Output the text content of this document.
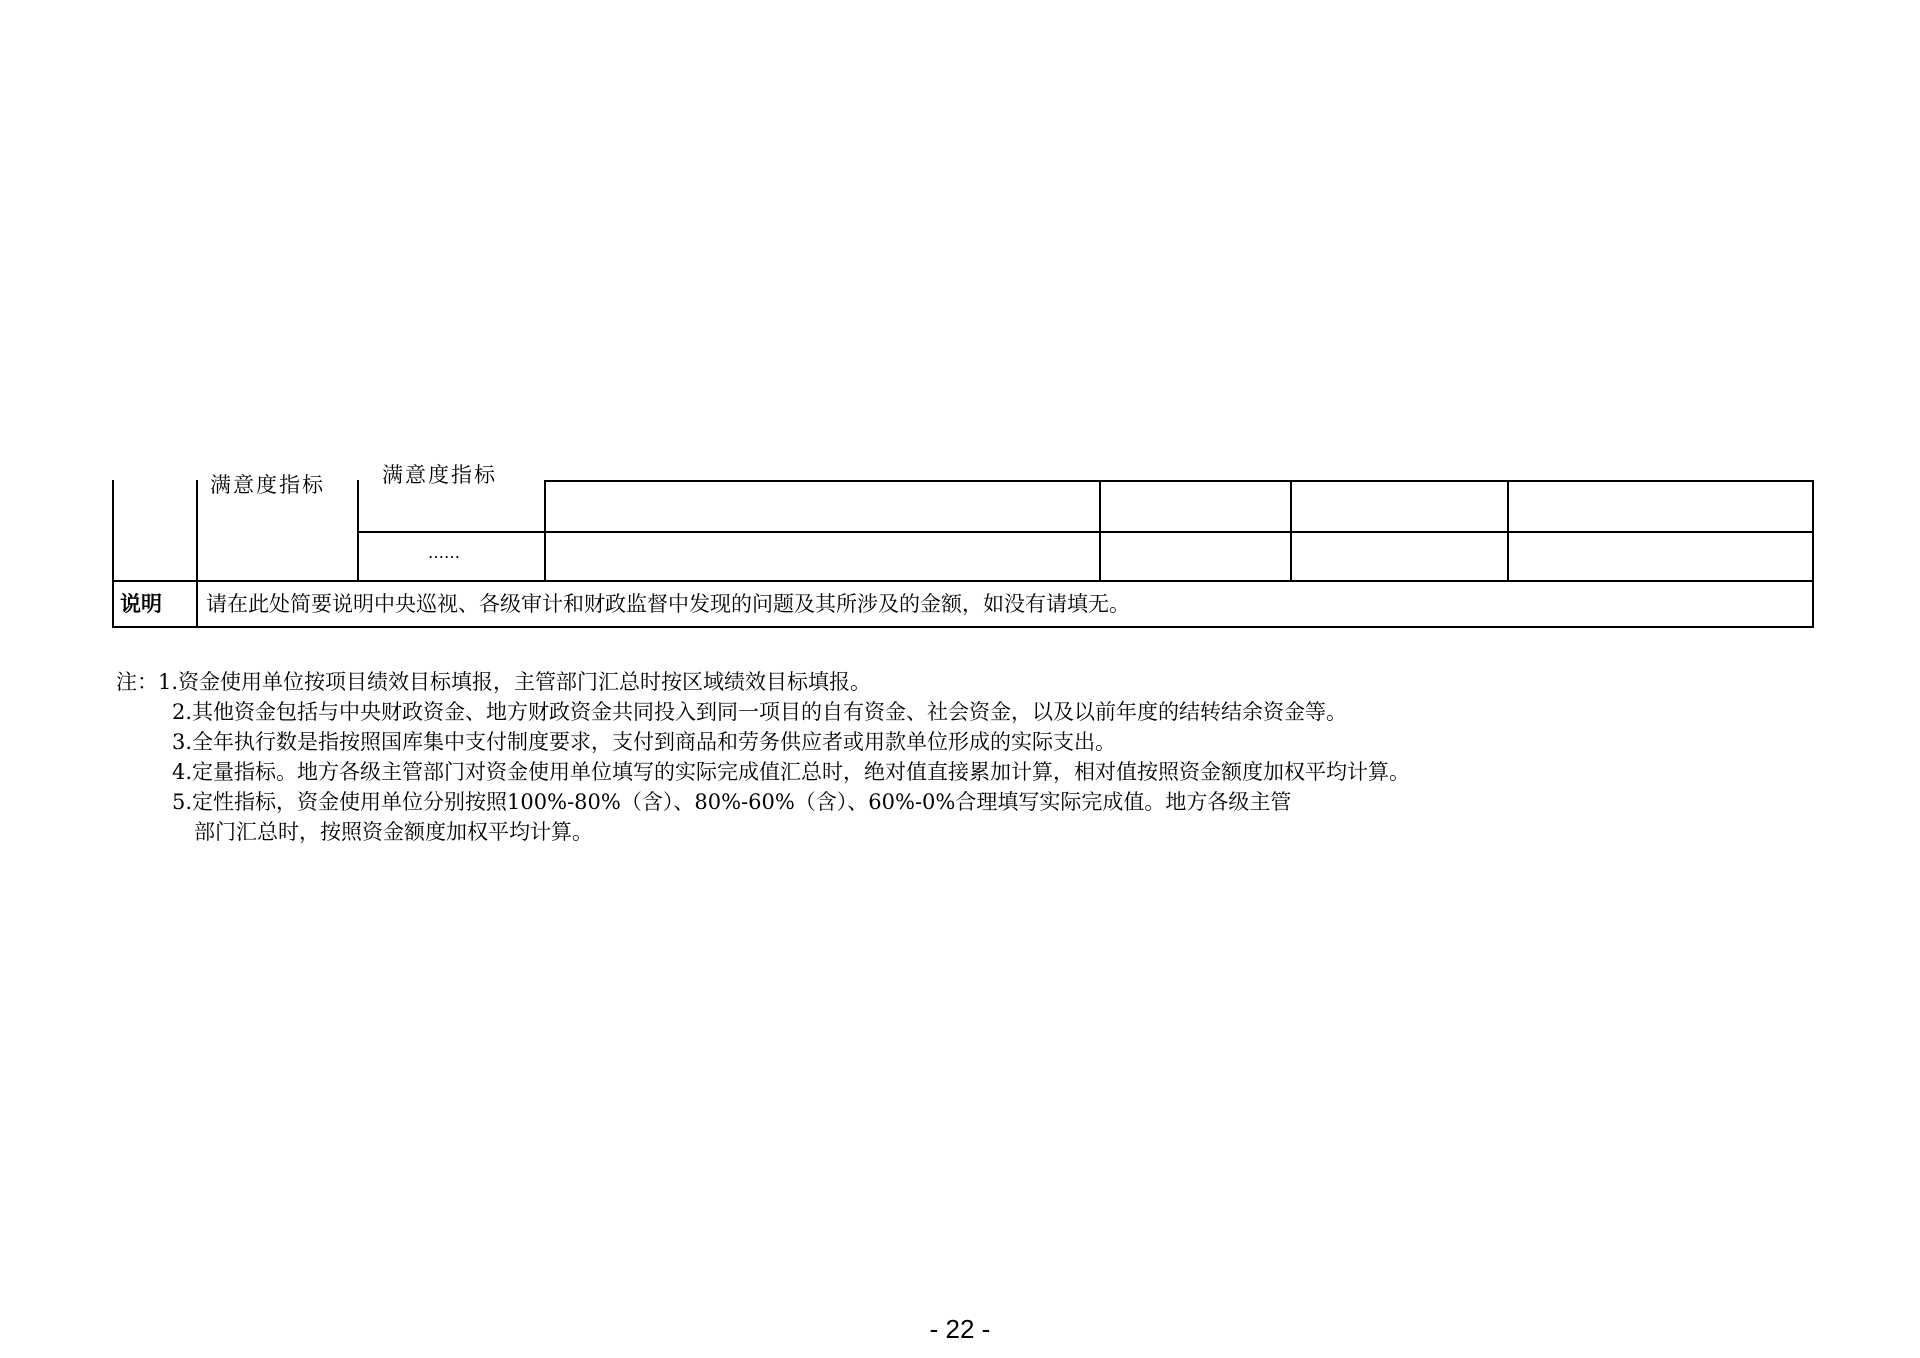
满意度指标	满意度指标
……
说明 请在此处简要说明中央巡视、各级审计和财政监督中发现的问题及其所涉及的金额，如没有请填无。
注：1.资金使用单位按项目绩效目标填报，主管部门汇总时按区域绩效目标填报。
2.其他资金包括与中央财政资金、地方财政资金共同投入到同一项目的自有资金、社会资金，以及以前年度的结转结余资金等。
3.全年执行数是指按照国库集中支付制度要求，支付到商品和劳务供应者或用款单位形成的实际支出。
4.定量指标。地方各级主管部门对资金使用单位填写的实际完成值汇总时，绝对值直接累加计算，相对值按照资金额度加权平均计算。
5.定性指标，资金使用单位分别按照100%-80%（含）、80%-60%（含）、60%-0%合理填写实际完成值。地方各级主管
部门汇总时，按照资金额度加权平均计算。
- 22 -
